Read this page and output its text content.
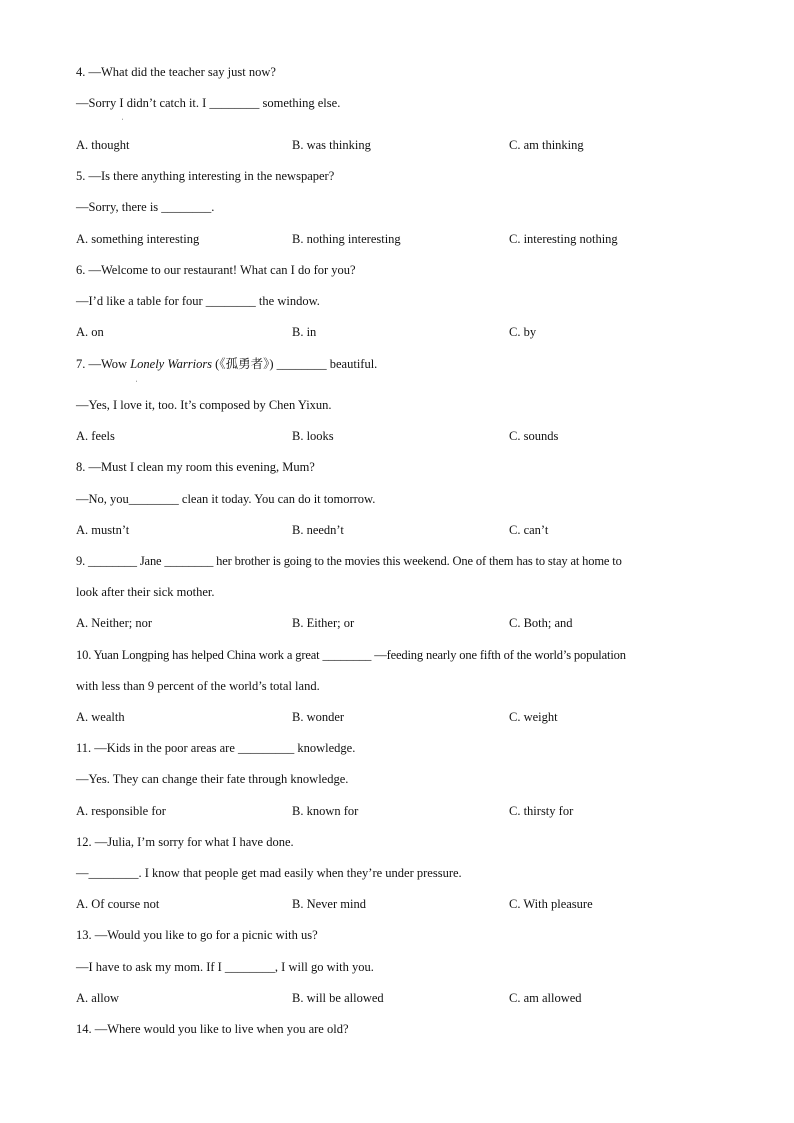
4. —What did the teacher say just now?
—Sorry I didn’t catch it. I ________ something else.
ˌ
A. thought	B. was thinking	C. am thinking
5. —Is there anything interesting in the newspaper?
—Sorry, there is ________.
A. something interesting	B. nothing interesting	C. interesting nothing
6. —Welcome to our restaurant! What can I do for you?
—I’d like a table for four ________ the window.
A. on	B. in	C. by
7. —Wow Lonely Warriors (《孤勇者》) ________ beautiful.
ˌ
—Yes, I love it, too. It’s composed by Chen Yixun.
A. feels	B. looks	C. sounds
8. —Must I clean my room this evening, Mum?
—No, you________ clean it today. You can do it tomorrow.
A. mustn’t	B. needn’t	C. can’t
9. ________ Jane ________ her brother is going to the movies this weekend. One of them has to stay at home to
look after their sick mother.
A. Neither; nor	B. Either; or	C. Both; and
10. Yuan Longping has helped China work a great ________ —feeding nearly one fifth of the world’s population
with less than 9 percent of the world’s total land.
A. wealth	B. wonder	C. weight
11. —Kids in the poor areas are _________ knowledge.
—Yes. They can change their fate through knowledge.
A. responsible for	B. known for	C. thirsty for
12. —Julia, I’m sorry for what I have done.
—________. I know that people get mad easily when they’re under pressure.
A. Of course not	B. Never mind	C. With pleasure
13. —Would you like to go for a picnic with us?
—I have to ask my mom. If I ________, I will go with you.
A. allow	B. will be allowed	C. am allowed
14. —Where would you like to live when you are old?
